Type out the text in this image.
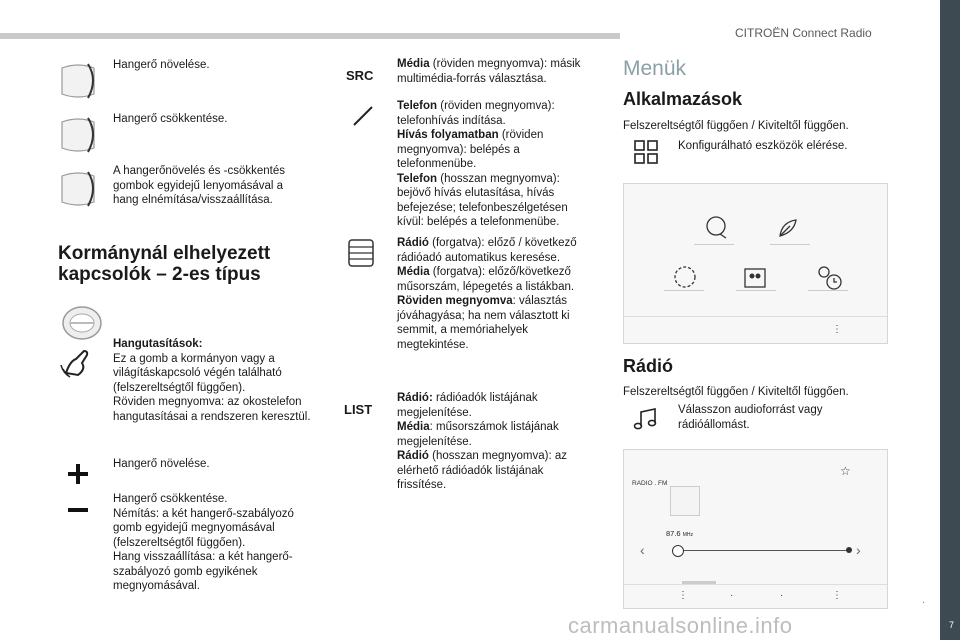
CITROËN Connect Radio
.
7
carmanualsonline.info
Hangerő növelése.
Hangerő csökkentése.
A hangerőnövelés és -csökkentés gombok egyidejű lenyomásával a hang elnémítása/visszaállítása.
Kormánynál elhelyezett
kapcsolók – 2-es típus
Hangutasítások:
Ez a gomb a kormányon vagy a világításkapcsoló végén található (felszereltségtől függően).
Röviden megnyomva: az okostelefon hangutasításai a rendszeren keresztül.
Hangerő növelése.
Hangerő csökkentése.
Némítás: a két hangerő-szabályozó gomb egyidejű megnyomásával (felszereltségtől függően).
Hang visszaállítása: a két hangerő-szabályozó gomb egyikének megnyomásával.
SRC
Média (röviden megnyomva): másik multimédia-forrás választása.
Telefon (röviden megnyomva): telefonhívás indítása.
Hívás folyamatban (röviden megnyomva): belépés a telefonmenübe.
Telefon (hosszan megnyomva): bejövő hívás elutasítása, hívás befejezése; telefonbeszélgetésen kívül: belépés a telefonmenübe.
Rádió (forgatva): előző / következő rádióadó automatikus keresése.
Média (forgatva): előző/következő műsorszám, lépegetés a listákban.
Röviden megnyomva: választás jóváhagyása; ha nem választott ki semmit, a memóriahelyek megtekintése.
LIST
Rádió: rádióadók listájának megjelenítése.
Média: műsorszámok listájának megjelenítése.
Rádió (hosszan megnyomva): az elérhető rádióadók listájának frissítése.
Menük
Alkalmazások
Felszereltségtől függően / Kiviteltől függően.
Konfigurálható eszközök elérése.
⋮
Rádió
Felszereltségtől függően / Kiviteltől függően.
Válasszon audioforrást vagy rádióállomást.
RADIO . FM
☆
87.6 MHz
‹	›
⋮	·	·	⋮
